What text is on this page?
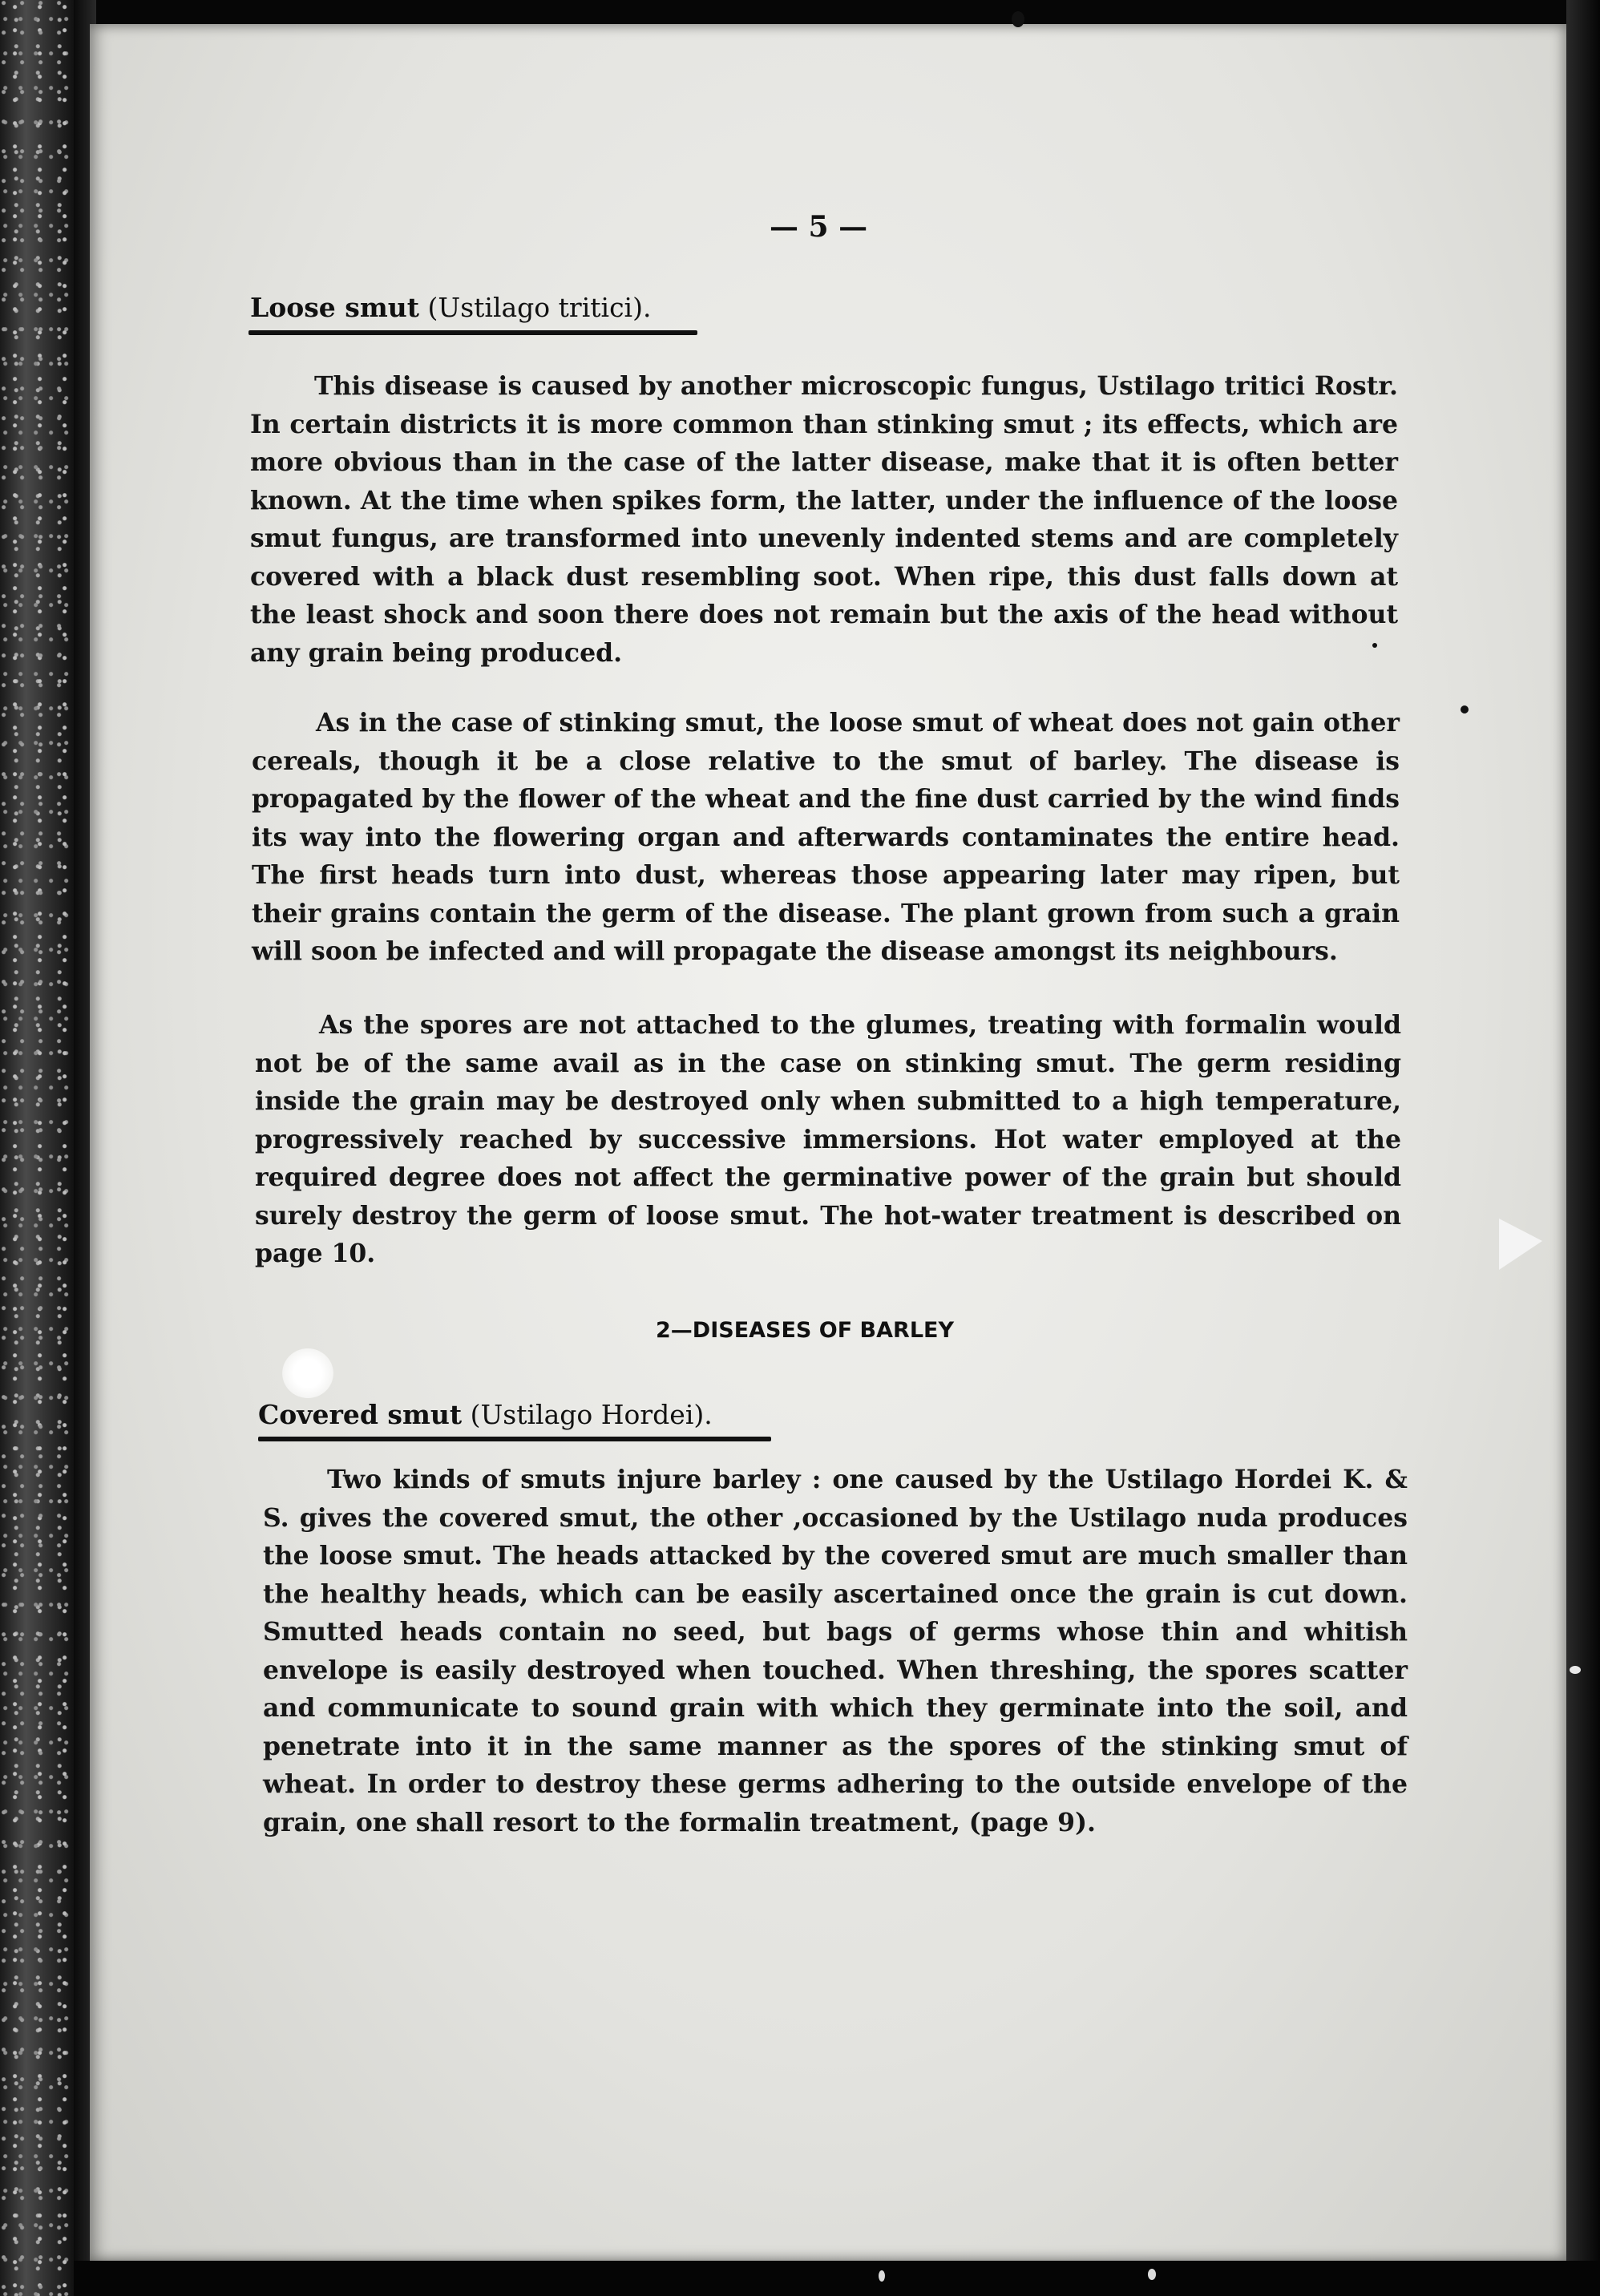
— 5 —
Loose smut (Ustilago tritici).

This disease is caused by another microscopic fungus, Ustilago tritici Rostr. In certain districts it is more common than stinking smut ; its effects, which are more obvious than in the case of the latter disease, make that it is often better known. At the time when spikes form, the latter, under the influence of the loose smut fungus, are transformed into unevenly indented stems and are completely covered with a black dust resembling soot. When ripe, this dust falls down at the least shock and soon there does not remain but the axis of the head without any grain being produced.

As in the case of stinking smut, the loose smut of wheat does not gain other cereals, though it be a close relative to the smut of barley. The disease is propagated by the flower of the wheat and the fine dust carried by the wind finds its way into the flowering organ and afterwards contaminates the entire head. The first heads turn into dust, whereas those appearing later may ripen, but their grains contain the germ of the disease. The plant grown from such a grain will soon be infected and will propagate the disease amongst its neighbours.

As the spores are not attached to the glumes, treating with formalin would not be of the same avail as in the case on stinking smut. The germ residing inside the grain may be destroyed only when submitted to a high temperature, progressively reached by successive immersions. Hot water employed at the required degree does not affect the germinative power of the grain but should surely destroy the germ of loose smut. The hot-water treatment is described on page 10.

2—DISEASES OF BARLEY
Covered smut (Ustilago Hordei).

Two kinds of smuts injure barley : one caused by the Ustilago Hordei K. & S. gives the covered smut, the other ,occasioned by the Ustilago nuda produces the loose smut. The heads attacked by the covered smut are much smaller than the healthy heads, which can be easily ascertained once the grain is cut down. Smutted heads contain no seed, but bags of germs whose thin and whitish envelope is easily destroyed when touched. When threshing, the spores scatter and communicate to sound grain with which they germinate into the soil, and penetrate into it in the same manner as the spores of the stinking smut of wheat. In order to destroy these germs adhering to the outside envelope of the grain, one shall resort to the formalin treatment, (page 9).
